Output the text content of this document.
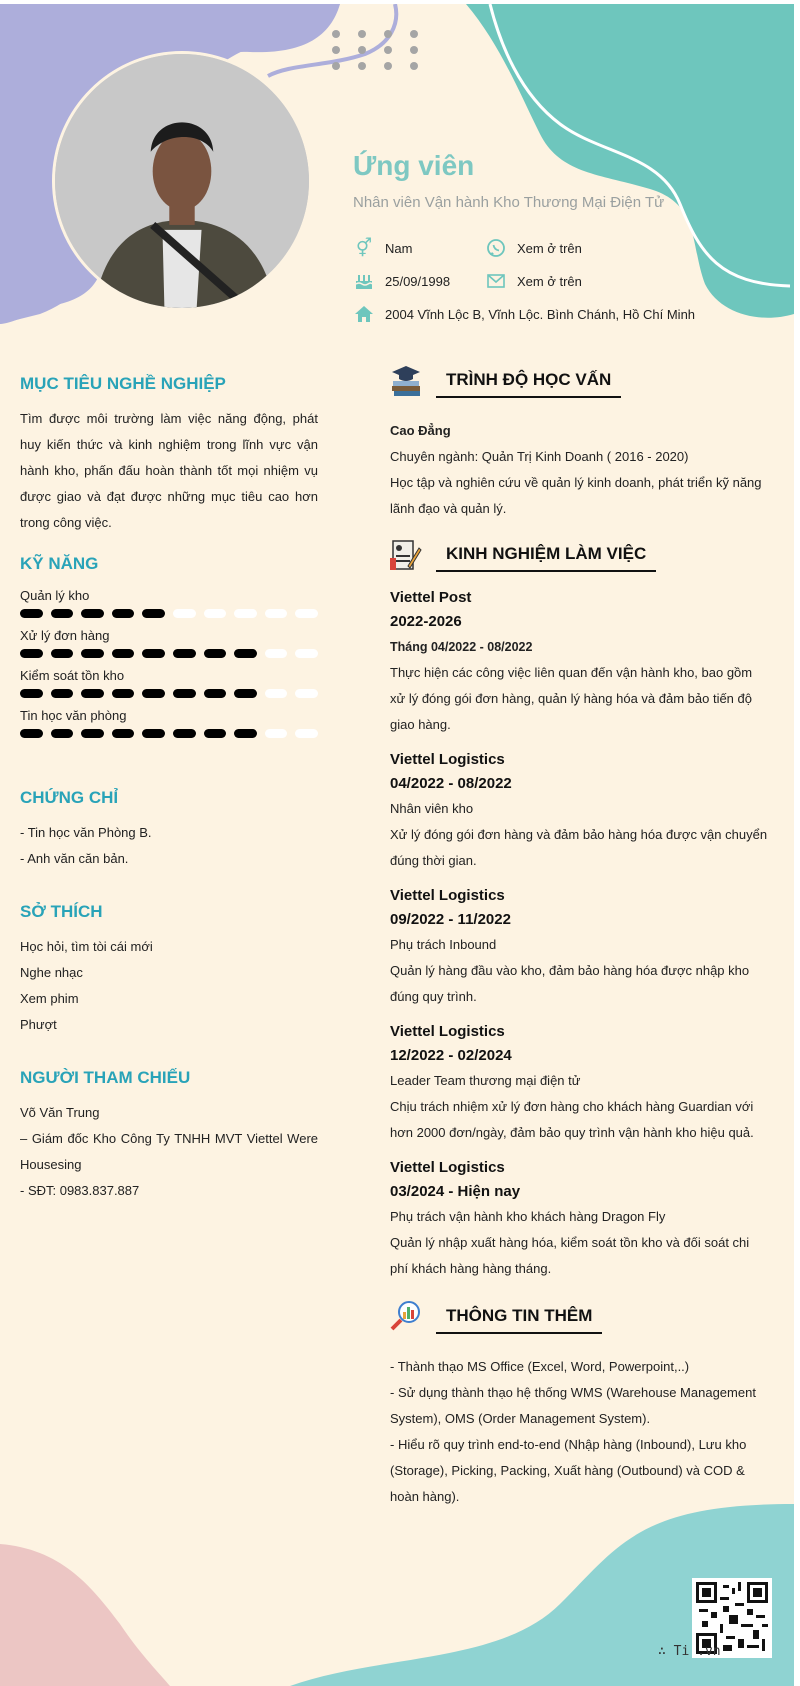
Ứng viên
Nhân viên Vận hành Kho Thương Mại Điện Tử
⚥ Nam	Xem ở trên
25/09/1998	Xem ở trên
2004 Vĩnh Lộc B, Vĩnh Lộc. Bình Chánh, Hồ Chí Minh
MỤC TIÊU NGHỀ NGHIỆP
Tìm được môi trường làm việc năng động, phát huy kiến thức và kinh nghiệm trong lĩnh vực vận hành kho, phấn đấu hoàn thành tốt mọi nhiệm vụ được giao và đạt được những mục tiêu cao hơn trong công việc.
KỸ NĂNG
Quản lý kho
Xử lý đơn hàng
Kiểm soát tồn kho
Tin học văn phòng
CHỨNG CHỈ
- Tin học văn Phòng B.
- Anh văn căn bản.
SỞ THÍCH
Học hỏi, tìm tòi cái mới
Nghe nhạc
Xem phim
Phượt
NGƯỜI THAM CHIẾU
Võ Văn Trung
– Giám đốc Kho Công Ty TNHH MVT Viettel Were Housesing
- SĐT: 0983.837.887
TRÌNH ĐỘ HỌC VẤN
Cao Đẳng
Chuyên ngành: Quản Trị Kinh Doanh ( 2016 - 2020)
Học tập và nghiên cứu về quản lý kinh doanh, phát triển kỹ năng lãnh đạo và quản lý.
KINH NGHIỆM LÀM VIỆC
Viettel Post
2022-2026
Tháng 04/2022 - 08/2022
Thực hiện các công việc liên quan đến vận hành kho, bao gồm xử lý đóng gói đơn hàng, quản lý hàng hóa và đảm bảo tiến độ giao hàng.
Viettel Logistics
04/2022 - 08/2022
Nhân viên kho
Xử lý đóng gói đơn hàng và đảm bảo hàng hóa được vận chuyển đúng thời gian.
Viettel Logistics
09/2022 - 11/2022
Phụ trách Inbound
Quản lý hàng đầu vào kho, đảm bảo hàng hóa được nhập kho đúng quy trình.
Viettel Logistics
12/2022 - 02/2024
Leader Team thương mại điện tử
Chịu trách nhiệm xử lý đơn hàng cho khách hàng Guardian với hơn 2000 đơn/ngày, đảm bảo quy trình vận hành kho hiệu quả.
Viettel Logistics
03/2024 - Hiện nay
Phụ trách vận hành kho khách hàng Dragon Fly
Quản lý nhập xuất hàng hóa, kiểm soát tồn kho và đối soát chi phí khách hàng hàng tháng.
THÔNG TIN THÊM
- Thành thạo MS Office (Excel, Word, Powerpoint,..)
- Sử dụng thành thạo hệ thống WMS (Warehouse Management System), OMS (Order Management System).
- Hiểu rõ quy trình end-to-end (Nhập hàng (Inbound), Lưu kho (Storage), Picking, Packing, Xuất hàng (Outbound) và COD & hoàn hàng).
∴ Ti .vn
